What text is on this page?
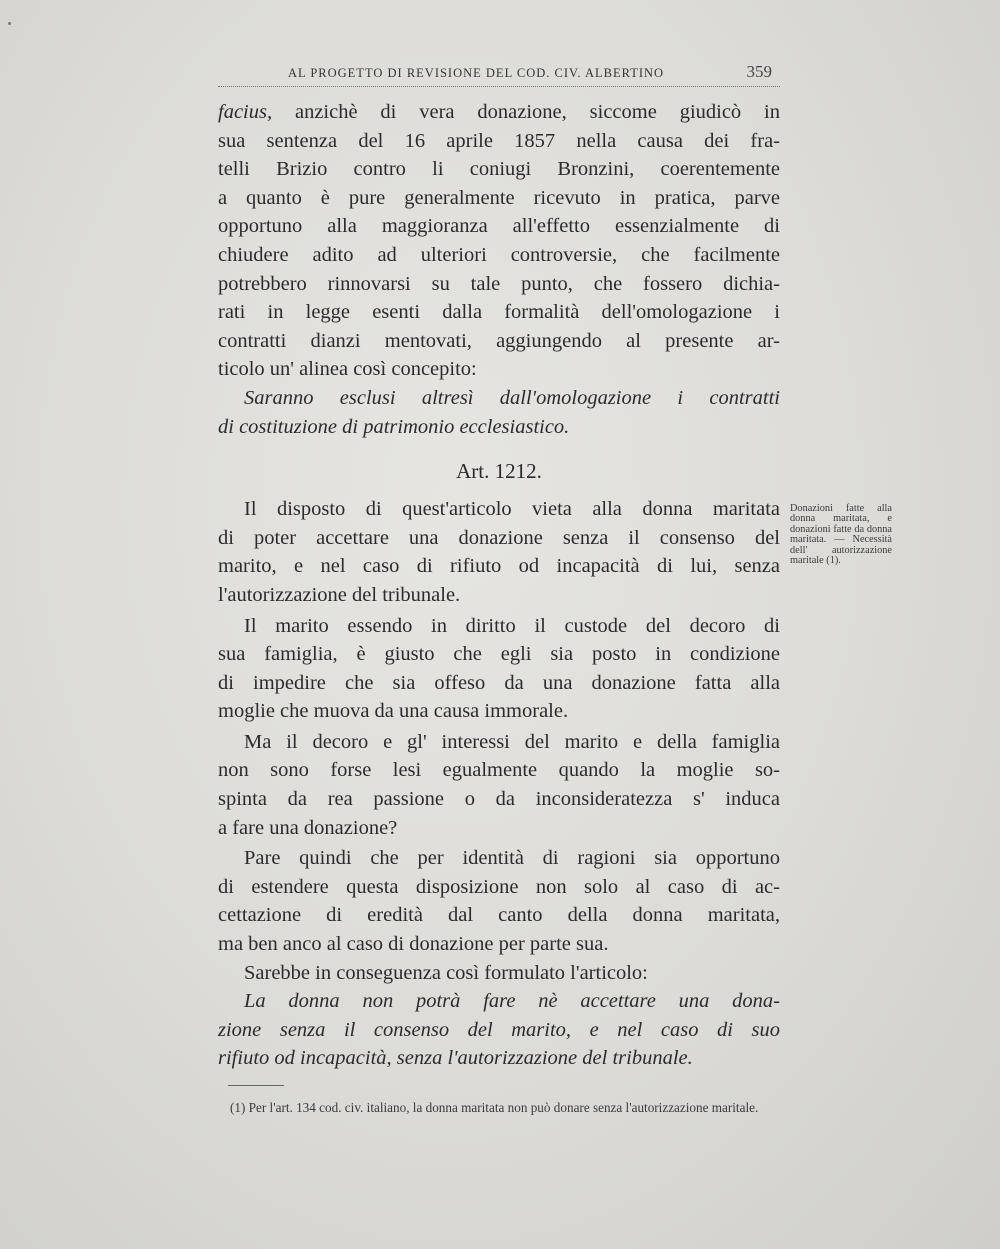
AL PROGETTO DI REVISIONE DEL COD. CIV. ALBERTINO	359

facius, anzichè di vera donazione, siccome giudicò in

sua sentenza del 16 aprile 1857 nella causa dei fra-

telli Brizio contro li coniugi Bronzini, coerentemente

a quanto è pure generalmente ricevuto in pratica, parve

opportuno alla maggioranza all'effetto essenzialmente di

chiudere adito ad ulteriori controversie, che facilmente

potrebbero rinnovarsi su tale punto, che fossero dichia-

rati in legge esenti dalla formalità dell'omologazione i

contratti dianzi mentovati, aggiungendo al presente ar-

ticolo un' alinea così concepito:

Saranno esclusi altresì dall'omologazione i contratti

di costituzione di patrimonio ecclesiastico.

Art. 1212.

Il disposto di quest'articolo vieta alla donna maritata

di poter accettare una donazione senza il consenso del

marito, e nel caso di rifiuto od incapacità di lui, senza

l'autorizzazione del tribunale.

Il marito essendo in diritto il custode del decoro di

sua famiglia, è giusto che egli sia posto in condizione

di impedire che sia offeso da una donazione fatta alla

moglie che muova da una causa immorale.

Ma il decoro e gl' interessi del marito e della famiglia

non sono forse lesi egualmente quando la moglie so-

spinta da rea passione o da inconsideratezza s' induca

a fare una donazione?

Pare quindi che per identità di ragioni sia opportuno

di estendere questa disposizione non solo al caso di ac-

cettazione di eredità dal canto della donna maritata,

ma ben anco al caso di donazione per parte sua.

Sarebbe in conseguenza così formulato l'articolo:

La donna non potrà fare nè accettare una dona-

zione senza il consenso del marito, e nel caso di suo

rifiuto od incapacità, senza l'autorizzazione del tribunale.

Donazioni fatte alla donna maritata, e donazioni fatte da donna maritata. — Necessità dell' autorizzazione maritale (1).
(1) Per l'art. 134 cod. civ. italiano, la donna maritata non può donare senza l'autorizzazione maritale.
